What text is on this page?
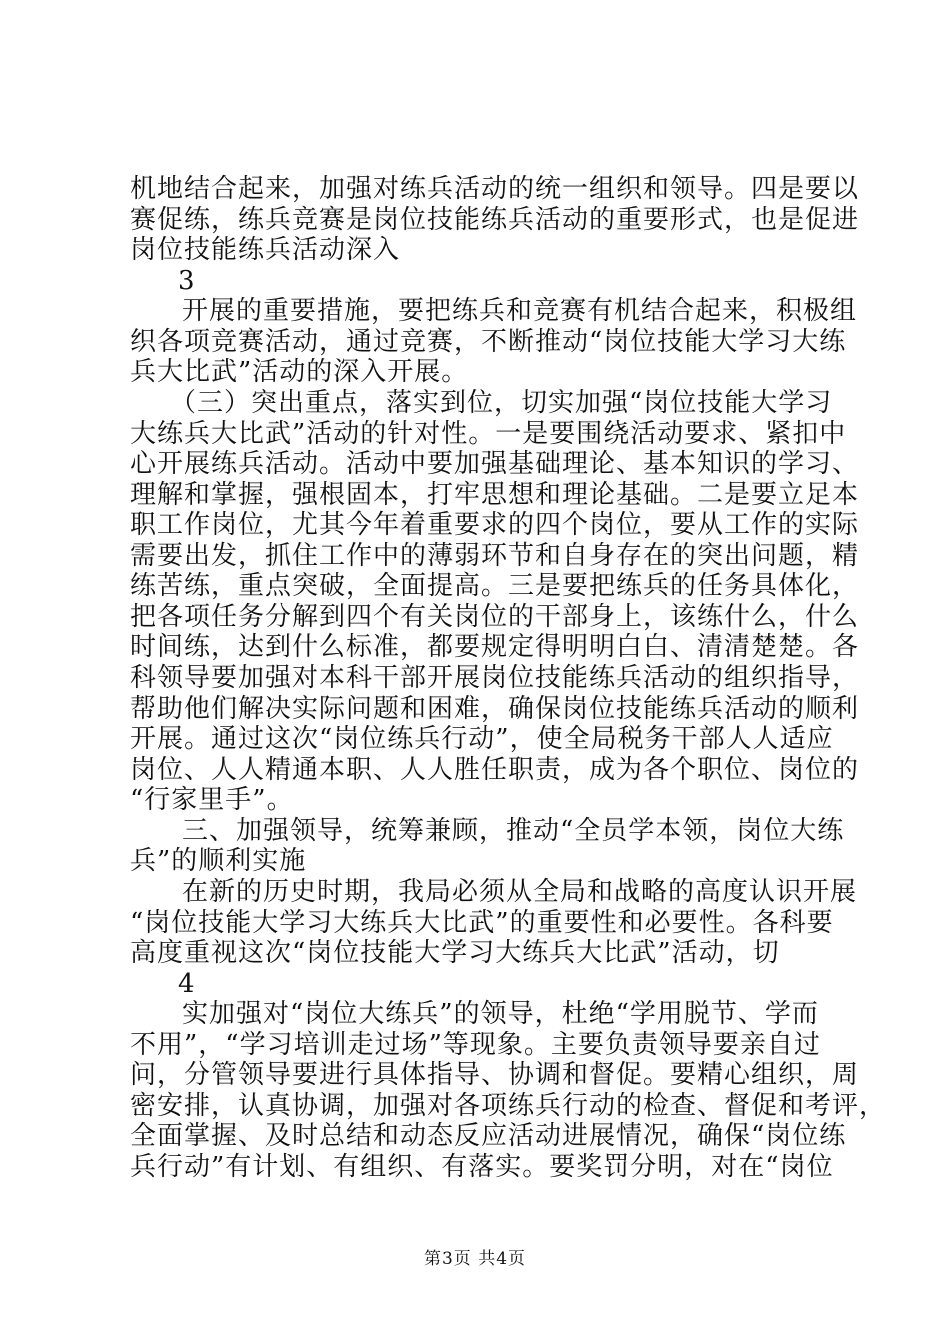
机地结合起来，加强对练兵活动的统一组织和领导。四是要以
赛促练，练兵竞赛是岗位技能练兵活动的重要形式，也是促进
岗位技能练兵活动深入
3
开展的重要措施，要把练兵和竞赛有机结合起来，积极组
织各项竞赛活动，通过竞赛，不断推动“岗位技能大学习大练
兵大比武”活动的深入开展。
（三）突出重点，落实到位，切实加强“岗位技能大学习
大练兵大比武”活动的针对性。一是要围绕活动要求、紧扣中
心开展练兵活动。活动中要加强基础理论、基本知识的学习、
理解和掌握，强根固本，打牢思想和理论基础。二是要立足本
职工作岗位，尤其今年着重要求的四个岗位，要从工作的实际
需要出发，抓住工作中的薄弱环节和自身存在的突出问题，精
练苦练，重点突破，全面提高。三是要把练兵的任务具体化，
把各项任务分解到四个有关岗位的干部身上，该练什么，什么
时间练，达到什么标准，都要规定得明明白白、清清楚楚。各
科领导要加强对本科干部开展岗位技能练兵活动的组织指导，
帮助他们解决实际问题和困难，确保岗位技能练兵活动的顺利
开展。通过这次“岗位练兵行动”，使全局税务干部人人适应
岗位、人人精通本职、人人胜任职责，成为各个职位、岗位的
“行家里手”。
三、加强领导，统筹兼顾，推动“全员学本领，岗位大练
兵”的顺利实施
在新的历史时期，我局必须从全局和战略的高度认识开展
“岗位技能大学习大练兵大比武”的重要性和必要性。各科要
高度重视这次“岗位技能大学习大练兵大比武”活动，切
4
实加强对“岗位大练兵”的领导，杜绝“学用脱节、学而
不用”，“学习培训走过场”等现象。主要负责领导要亲自过
问，分管领导要进行具体指导、协调和督促。要精心组织，周
密安排，认真协调，加强对各项练兵行动的检查、督促和考评，
全面掌握、及时总结和动态反应活动进展情况，确保“岗位练
兵行动”有计划、有组织、有落实。要奖罚分明，对在“岗位
第3页 共4页
